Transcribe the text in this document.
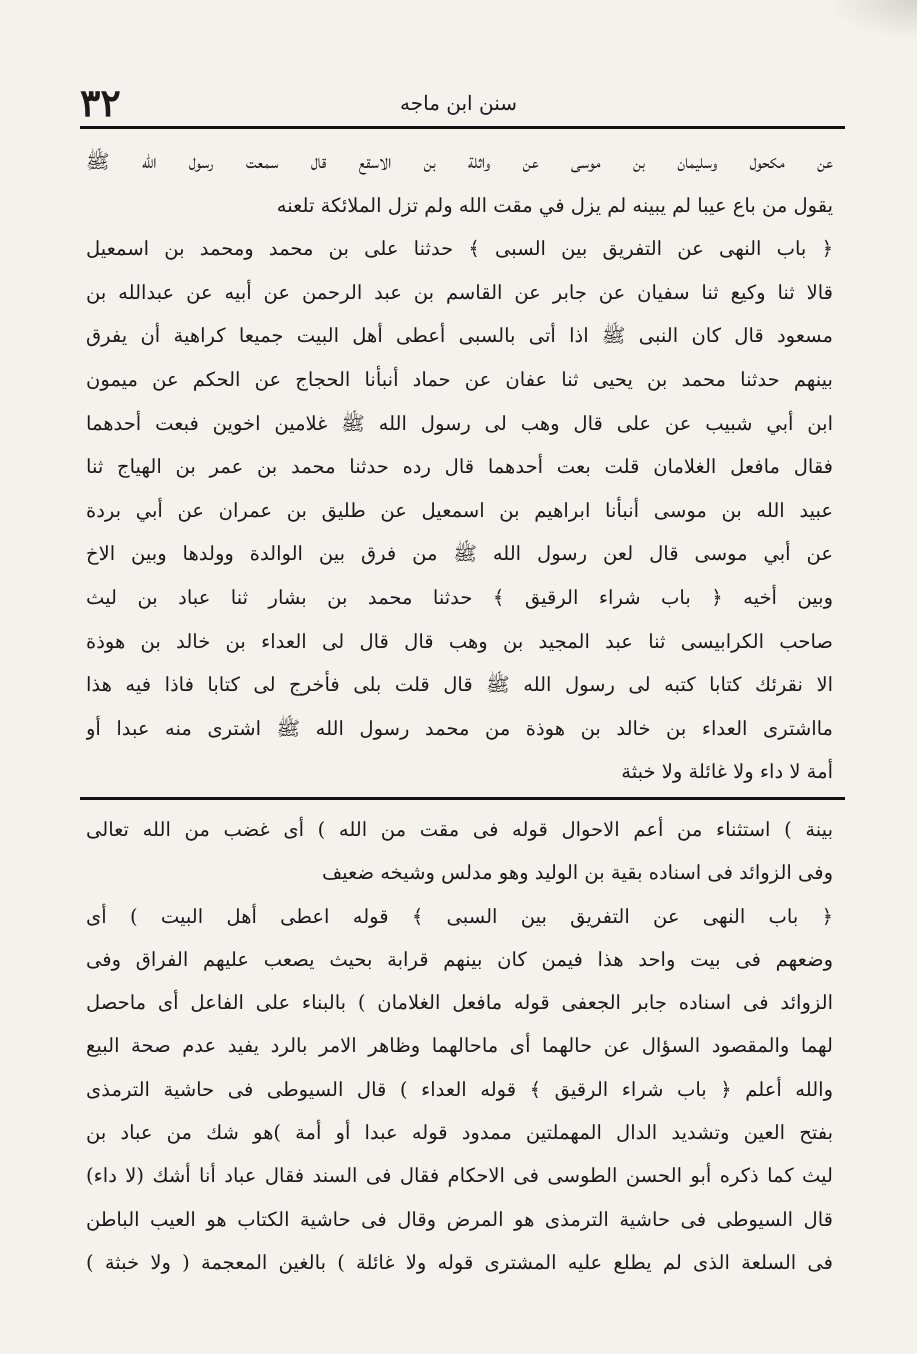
٣٢	سنن ابن ماجه
عن مكحول وسليمان بن موسى عن واثلة بن الاسقع قال سمعت رسول الله ﷺ
يقول من باع عيبا لم يبينه لم يزل في مقت الله ولم تزل الملائكة تلعنه
﴿ باب النهى عن التفريق بين السبى ﴾ حدثنا على بن محمد ومحمد بن اسمعيل
قالا ثنا وكيع ثنا سفيان عن جابر عن القاسم بن عبد الرحمن عن أبيه عن عبدالله بن
مسعود قال كان النبى ﷺ اذا أتى بالسبى أعطى أهل البيت جميعا كراهية أن يفرق
بينهم حدثنا محمد بن يحيى ثنا عفان عن حماد أنبأنا الحجاج عن الحكم عن ميمون
ابن أبي شبيب عن على قال وهب لى رسول الله ﷺ غلامين اخوين فبعت أحدهما
فقال مافعل الغلامان قلت بعت أحدهما قال رده حدثنا محمد بن عمر بن الهياج ثنا
عبيد الله بن موسى أنبأنا ابراهيم بن اسمعيل عن طليق بن عمران عن أبي بردة
عن أبي موسى قال لعن رسول الله ﷺ من فرق بين الوالدة وولدها وبين الاخ
وبين أخيه ﴿ باب شراء الرقيق ﴾ حدثنا محمد بن بشار ثنا عباد بن ليث
صاحب الكرابيسى ثنا عبد المجيد بن وهب قال قال لى العداء بن خالد بن هوذة
الا نقرئك كتابا كتبه لى رسول الله ﷺ قال قلت بلى فأخرج لى كتابا فاذا فيه هذا
مااشترى العداء بن خالد بن هوذة من محمد رسول الله ﷺ اشترى منه عبدا أو
أمة لا داء ولا غائلة ولا خبثة
بينة ) استثناء من أعم الاحوال قوله فى مقت من الله ) أى غضب من الله تعالى
وفى الزوائد فى اسناده بقية بن الوليد وهو مدلس وشيخه ضعيف
﴿ باب النهى عن التفريق بين السبى ﴾ قوله اعطى أهل البيت ) أى
وضعهم فى بيت واحد هذا فيمن كان بينهم قرابة بحيث يصعب عليهم الفراق وفى
الزوائد فى اسناده جابر الجعفى قوله مافعل الغلامان ) بالبناء على الفاعل أى ماحصل
لهما والمقصود السؤال عن حالهما أى ماحالهما وظاهر الامر بالرد يفيد عدم صحة البيع
والله أعلم ﴿ باب شراء الرقيق ﴾ قوله العداء ) قال السيوطى فى حاشية الترمذى
بفتح العين وتشديد الدال المهملتين ممدود قوله عبدا أو أمة )هو شك من عباد بن
ليث كما ذكره أبو الحسن الطوسى فى الاحكام فقال فى السند فقال عباد أنا أشك (لا داء)
قال السيوطى فى حاشية الترمذى هو المرض وقال فى حاشية الكتاب هو العيب الباطن
فى السلعة الذى لم يطلع عليه المشترى قوله ولا غائلة ) بالغين المعجمة ( ولا خبثة )
